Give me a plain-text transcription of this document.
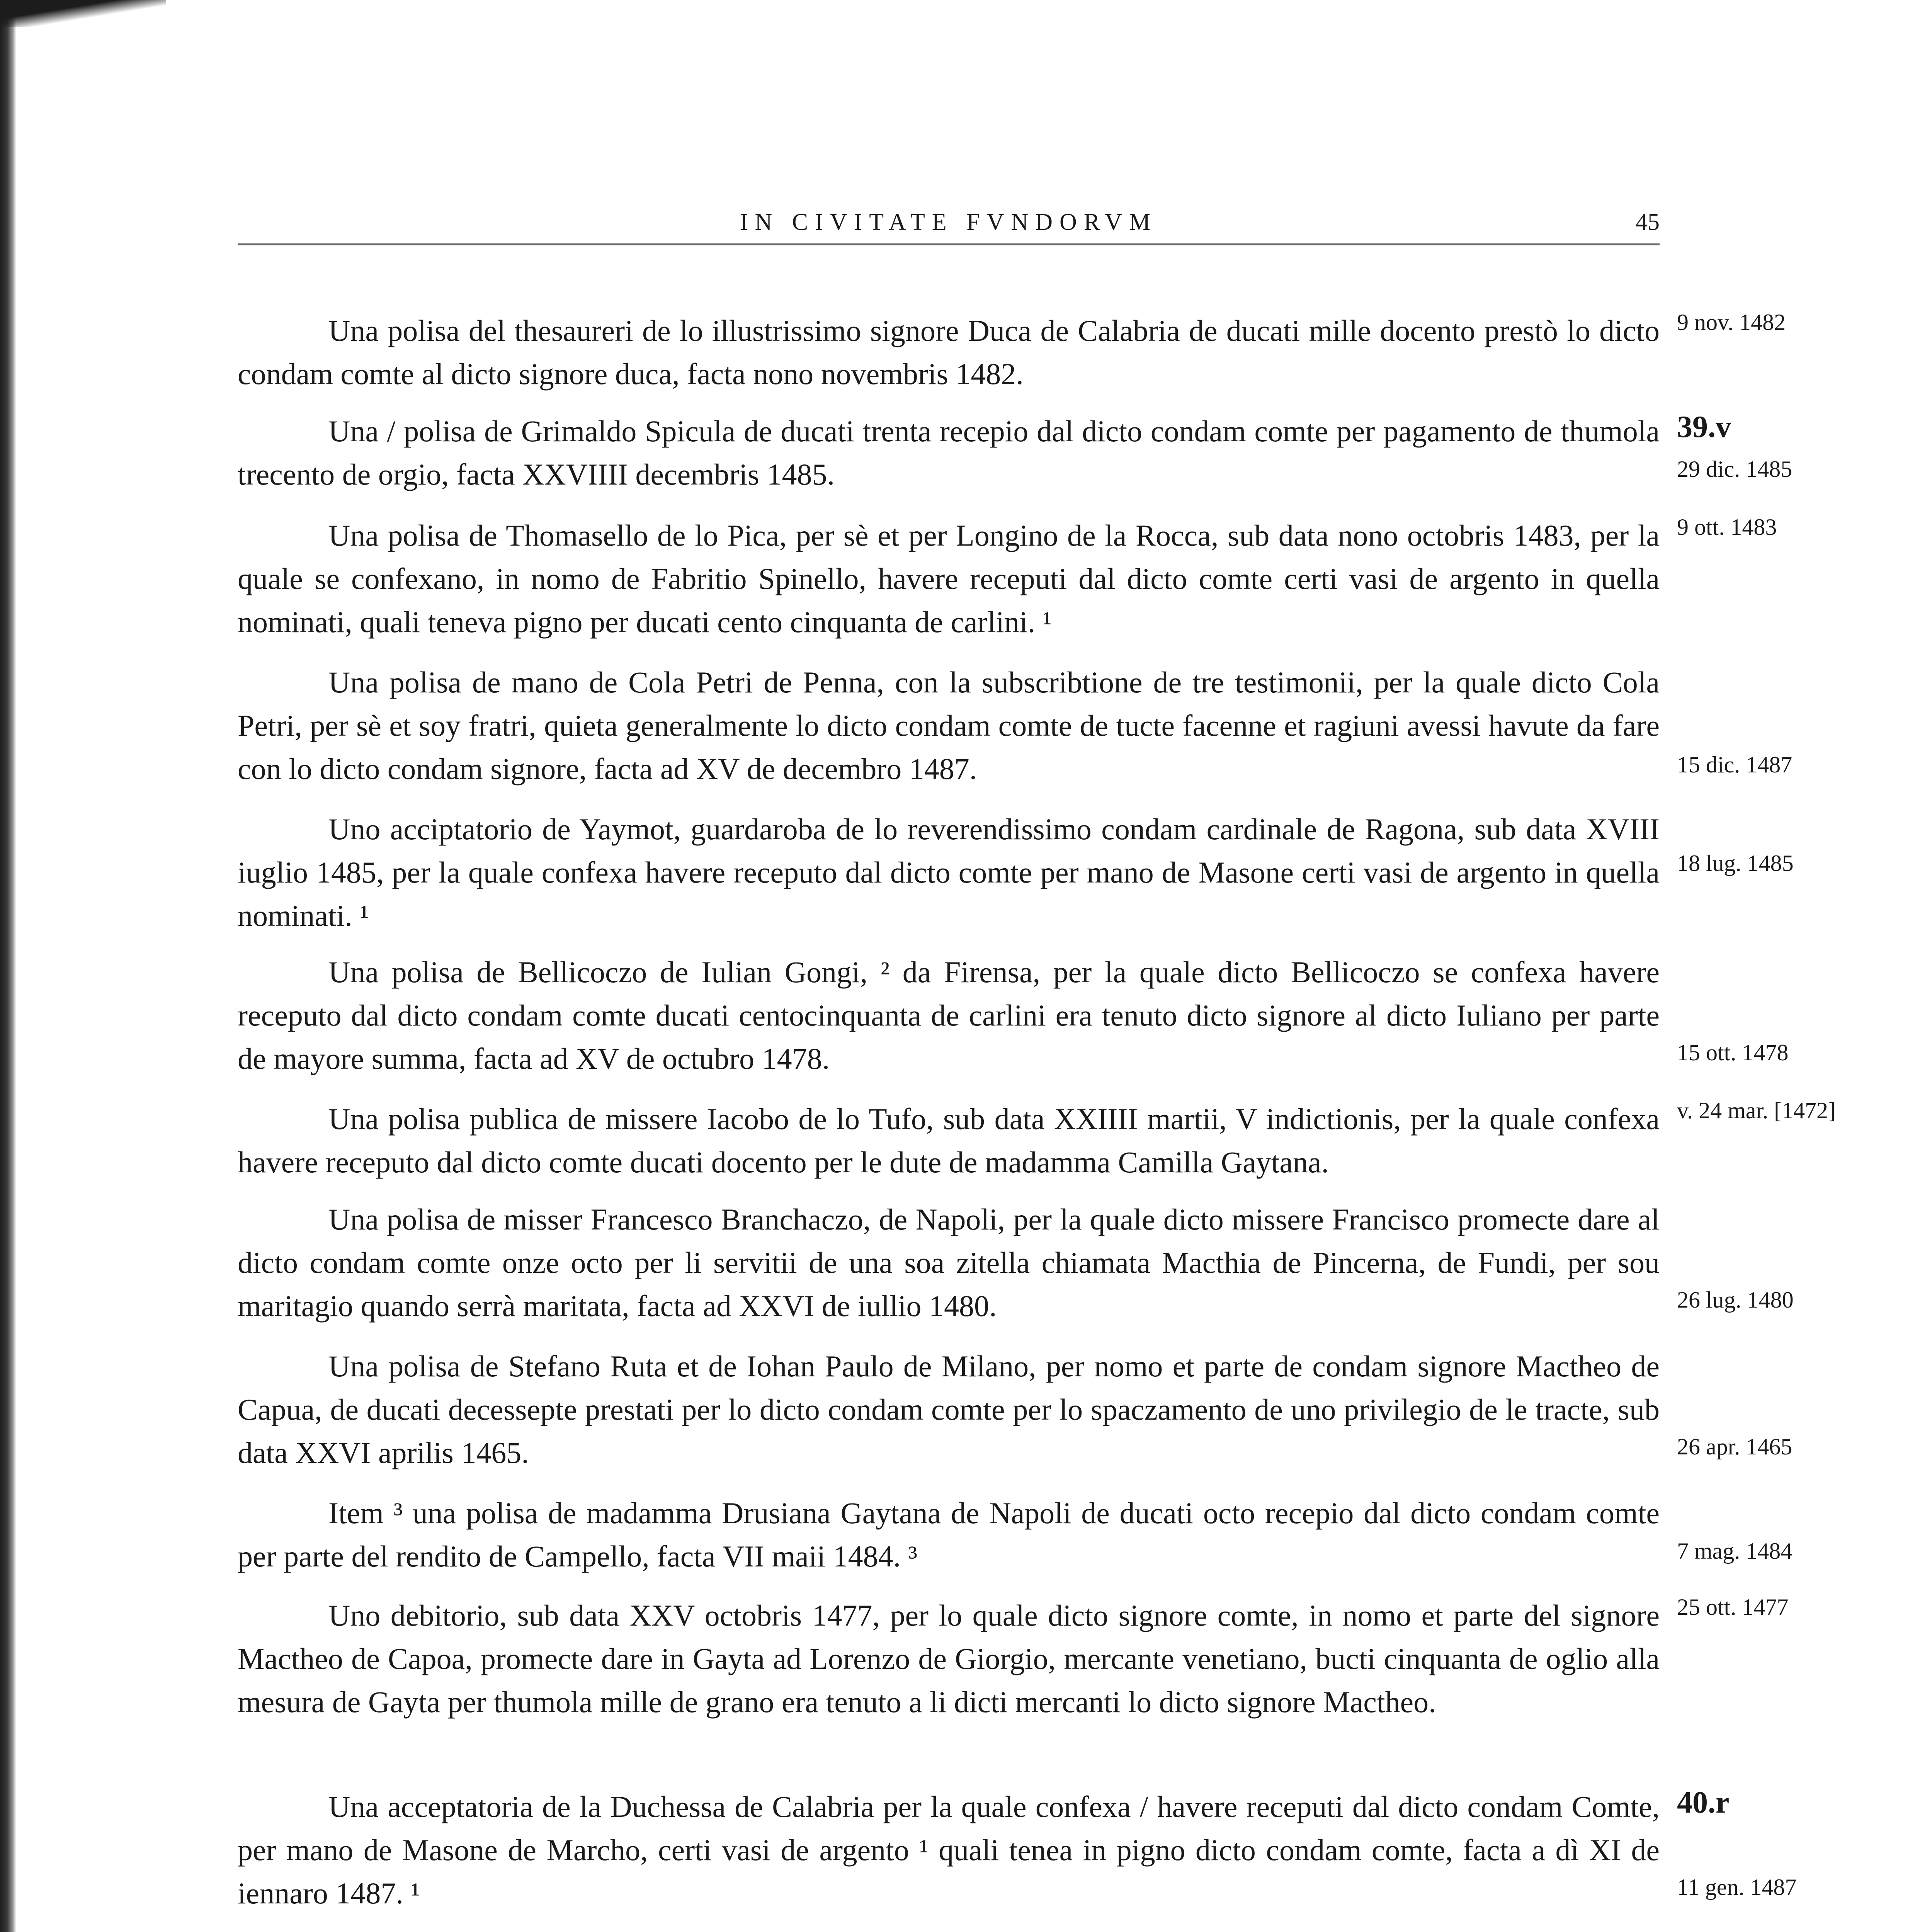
IN CIVITATE FVNDORVM	45

Una polisa del thesaureri de lo illustrissimo signore Duca de Calabria de ducati mille docento prestò lo dicto condam comte al dicto signore duca, facta nono novembris 1482.

9 nov. 1482

Una / polisa de Grimaldo Spicula de ducati trenta recepio dal dicto condam comte per pagamento de thumola trecento de orgio, facta XXVIIII decembris 1485.

39.v
29 dic. 1485

Una polisa de Thomasello de lo Pica, per sè et per Longino de la Rocca, sub data nono octobris 1483, per la quale se confexano, in nomo de Fabritio Spinello, havere receputi dal dicto comte certi vasi de argento in quella nominati, quali teneva pigno per ducati cento cinquanta de carlini. ¹

9 ott. 1483

Una polisa de mano de Cola Petri de Penna, con la subscribtione de tre testimonii, per la quale dicto Cola Petri, per sè et soy fratri, quieta generalmente lo dicto condam comte de tucte facenne et ragiuni avessi havute da fare con lo dicto condam signore, facta ad XV de decembro 1487.	15 dic. 1487

Uno acciptatorio de Yaymot, guardaroba de lo reverendissimo condam cardinale de Ragona, sub data XVIII iuglio 1485, per la quale confexa havere receputo dal dicto comte per mano de Masone certi vasi de argento in quella nominati. ¹

18 lug. 1485

Una polisa de Bellicoczo de Iulian Gongi, ² da Firensa, per la quale dicto Bellicoczo se confexa havere receputo dal dicto condam comte ducati centocinquanta de carlini era tenuto dicto signore al dicto Iuliano per parte de mayore summa, facta ad XV de octubro 1478.	15 ott. 1478

Una polisa publica de missere Iacobo de lo Tufo, sub data XXIIII martii, V indictionis, per la quale confexa havere receputo dal dicto comte ducati docento per le dute de madamma Camilla Gaytana.

v. 24 mar. [1472]

Una polisa de misser Francesco Branchaczo, de Napoli, per la quale dicto missere Francisco promecte dare al dicto condam comte onze octo per li servitii de una soa zitella chiamata Macthia de Pincerna, de Fundi, per sou maritagio quando serrà maritata, facta ad XXVI de iullio 1480.	26 lug. 1480

Una polisa de Stefano Ruta et de Iohan Paulo de Milano, per nomo et parte de condam signore Mactheo de Capua, de ducati decessepte prestati per lo dicto condam comte per lo spaczamento de uno privilegio de le tracte, sub data XXVI aprilis 1465.	26 apr. 1465

Item ³ una polisa de madamma Drusiana Gaytana de Napoli de ducati octo recepio dal dicto condam comte per parte del rendito de Campello, facta VII maii 1484. ³	7 mag. 1484

Uno debitorio, sub data XXV octobris 1477, per lo quale dicto signore comte, in nomo et parte del signore Mactheo de Capoa, promecte dare in Gayta ad Lorenzo de Giorgio, mercante venetiano, bucti cinquanta de oglio alla mesura de Gayta per thumola mille de grano era tenuto a li dicti mercanti lo dicto signore Mactheo.

25 ott. 1477

Una acceptatoria de la Duchessa de Calabria per la quale confexa / havere receputi dal dicto condam Comte, per mano de Masone de Marcho, certi vasi de argento ¹ quali tenea in pigno dicto condam comte, facta a dì XI de iennaro 1487. ¹

40.r
11 gen. 1487
